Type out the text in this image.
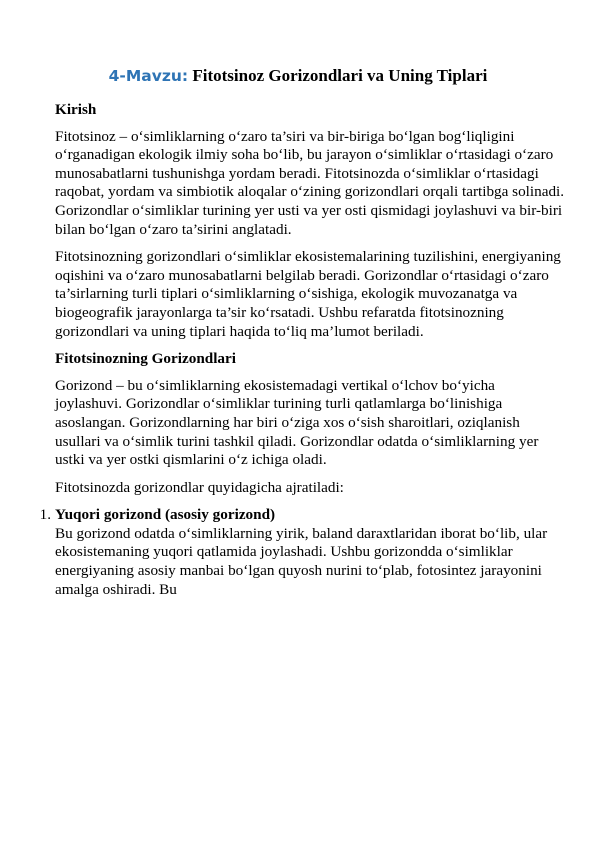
4-Mavzu: Fitotsinoz Gorizondlari va Uning Tiplari
Kirish

Fitotsinoz – o‘simliklarning o‘zaro ta’siri va bir-biriga bo‘lgan bog‘liqligini o‘rganadigan ekologik ilmiy soha bo‘lib, bu jarayon o‘simliklar o‘rtasidagi o‘zaro munosabatlarni tushunishga yordam beradi. Fitotsinozda o‘simliklar o‘rtasidagi raqobat, yordam va simbiotik aloqalar o‘zining gorizondlari orqali tartibga solinadi. Gorizondlar o‘simliklar turining yer usti va yer osti qismidagi joylashuvi va bir-biri bilan bo‘lgan o‘zaro ta’sirini anglatadi.

Fitotsinozning gorizondlari o‘simliklar ekosistemalarining tuzilishini, energiyaning oqishini va o‘zaro munosabatlarni belgilab beradi. Gorizondlar o‘rtasidagi o‘zaro ta’sirlarning turli tiplari o‘simliklarning o‘sishiga, ekologik muvozanatga va biogeografik jarayonlarga ta’sir ko‘rsatadi. Ushbu refaratda fitotsinozning gorizondlari va uning tiplari haqida to‘liq ma’lumot beriladi.

Fitotsinozning Gorizondlari

Gorizond – bu o‘simliklarning ekosistemadagi vertikal o‘lchov bo‘yicha joylashuvi. Gorizondlar o‘simliklar turining turli qatlamlarga bo‘linishiga asoslangan. Gorizondlarning har biri o‘ziga xos o‘sish sharoitlari, oziqlanish usullari va o‘simlik turini tashkil qiladi. Gorizondlar odatda o‘simliklarning yer ustki va yer ostki qismlarini o‘z ichiga oladi.

Fitotsinozda gorizondlar quyidagicha ajratiladi:

1. Yuqori gorizond (asosiy gorizond)
Bu gorizond odatda o‘simliklarning yirik, baland daraxtlaridan iborat bo‘lib, ular ekosistemaning yuqori qatlamida joylashadi. Ushbu gorizondda o‘simliklar energiyaning asosiy manbai bo‘lgan quyosh nurini to‘plab, fotosintez jarayonini amalga oshiradi. Bu
